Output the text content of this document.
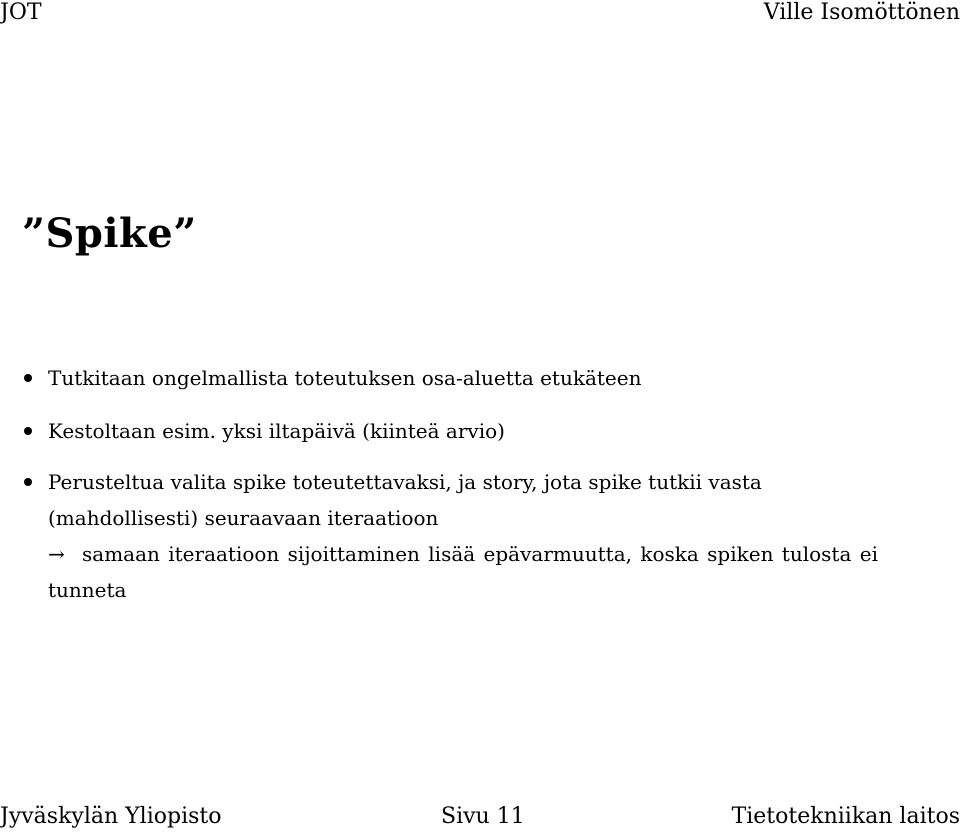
JOT	Ville Isomöttönen
”Spike”
Tutkitaan ongelmallista toteutuksen osa-aluetta etukäteen
Kestoltaan esim. yksi iltapäivä (kiinteä arvio)
Perusteltua valita spike toteutettavaksi, ja story, jota spike tutkii vasta
(mahdollisesti) seuraavaan iteraatioon
→ samaan iteraatioon sijoittaminen lisää epävarmuutta, koska spiken tulosta ei
tunneta
Jyväskylän Yliopisto	Sivu 11	Tietotekniikan laitos
